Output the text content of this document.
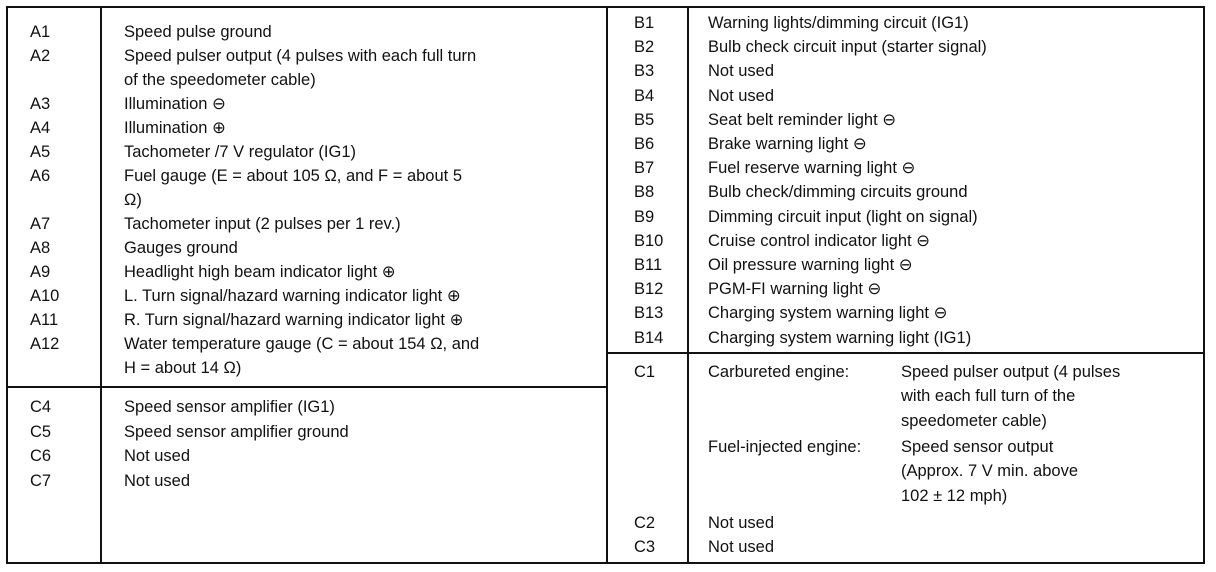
A1	Speed pulse ground
A2	Speed pulser output (4 pulses with each full turn
of the speedometer cable)
A3	Illumination ⊖
A4	Illumination ⊕
A5	Tachometer /7 V regulator (IG1)
A6	Fuel gauge (E = about 105 Ω, and F = about 5
Ω)
A7	Tachometer input (2 pulses per 1 rev.)
A8	Gauges ground
A9	Headlight high beam indicator light ⊕
A10	L. Turn signal/hazard warning indicator light ⊕
A11	R. Turn signal/hazard warning indicator light ⊕
A12	Water temperature gauge (C = about 154 Ω, and
H = about 14 Ω)
C4	Speed sensor amplifier (IG1)
C5	Speed sensor amplifier ground
C6	Not used
C7	Not used
B1	Warning lights/dimming circuit (IG1)
B2	Bulb check circuit input (starter signal)
B3	Not used
B4	Not used
B5	Seat belt reminder light ⊖
B6	Brake warning light ⊖
B7	Fuel reserve warning light ⊖
B8	Bulb check/dimming circuits ground
B9	Dimming circuit input (light on signal)
B10	Cruise control indicator light ⊖
B11	Oil pressure warning light ⊖
B12	PGM-FI warning light ⊖
B13	Charging system warning light ⊖
B14	Charging system warning light (IG1)
C1	Carbureted engine:	Speed pulser output (4 pulses
with each full turn of the
speedometer cable)
Fuel-injected engine: Speed sensor output
(Approx. 7 V min. above
102 ± 12 mph)
C2	Not used
C3	Not used
